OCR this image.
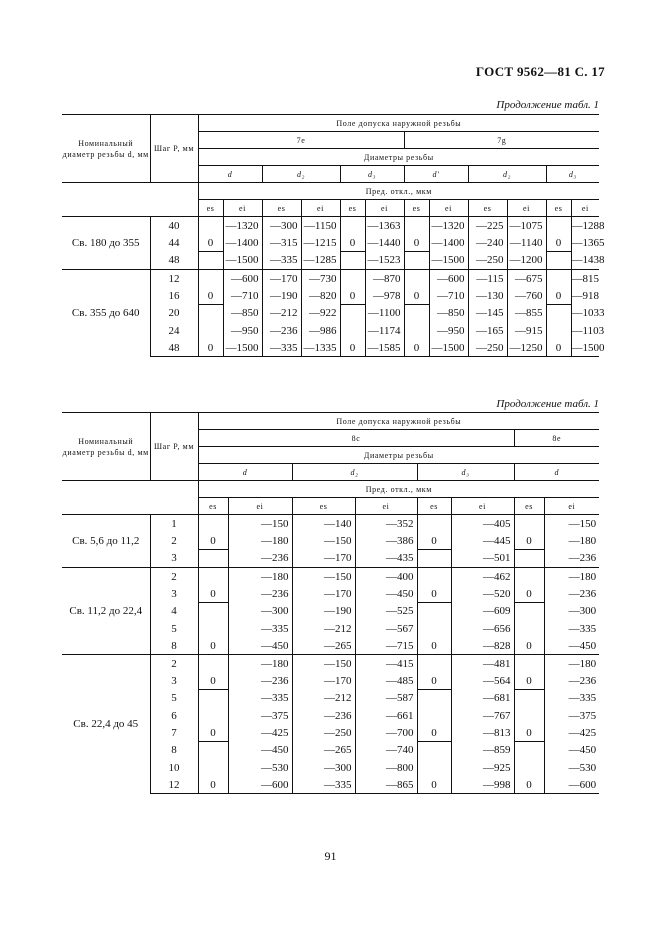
ГОСТ 9562—81 С. 17
Продолжение табл. 1
Номинальный диаметр резьбы d, мм	Шаг P, мм	Поле допуска наружной резьбы											
		7e						7g					
		Диаметры резьбы											
		d		d₂		d₃		d'		d₂		d₃	
		Пред. откл., мкм											
		es	ei	es	ei	es	ei	es	ei	es	ei	es	ei
Св. 180 до 355	40		—1320	—300	—1150		—1363		—1320	—225	—1075		—1288
	44	0	—1400	—315	—1215	0	—1440	0	—1400	—240	—1140	0	—1365
	48		—1500	—335	—1285		—1523		—1500	—250	—1200		—1438
Св. 355 до 640	12		—600	—170	—730		—870		—600	—115	—675		—815
	16	0	—710	—190	—820	0	—978	0	—710	—130	—760	0	—918
	20		—850	—212	—922		—1100		—850	—145	—855		—1033
	24		—950	—236	—986		—1174		—950	—165	—915		—1103
	48	0	—1500	—335	—1335	0	—1585	0	—1500	—250	—1250	0	—1500
Продолжение табл. 1
Номинальный диаметр резьбы d, мм	Шаг P, мм	Поле допуска наружной резьбы							
		8c						8e	
		Диаметры резьбы							
		d		d₂		d₃		d	
		Пред. откл., мкм							
		es	ei	es	ei	es	ei	es	ei
Св. 5,6 до 11,2	1		—150	—140	—352		—405		—150
	2	0	—180	—150	—386	0	—445	0	—180
	3		—236	—170	—435		—501		—236
Св. 11,2 до 22,4	2		—180	—150	—400		—462		—180
	3	0	—236	—170	—450	0	—520	0	—236
	4		—300	—190	—525		—609		—300
	5		—335	—212	—567		—656		—335
	8	0	—450	—265	—715	0	—828	0	—450
Св. 22,4 до 45	2		—180	—150	—415		—481		—180
	3	0	—236	—170	—485	0	—564	0	—236
	5		—335	—212	—587		—681		—335
	6		—375	—236	—661		—767		—375
	7	0	—425	—250	—700	0	—813	0	—425
	8		—450	—265	—740		—859		—450
	10		—530	—300	—800		—925		—530
	12	0	—600	—335	—865	0	—998	0	—600
91
